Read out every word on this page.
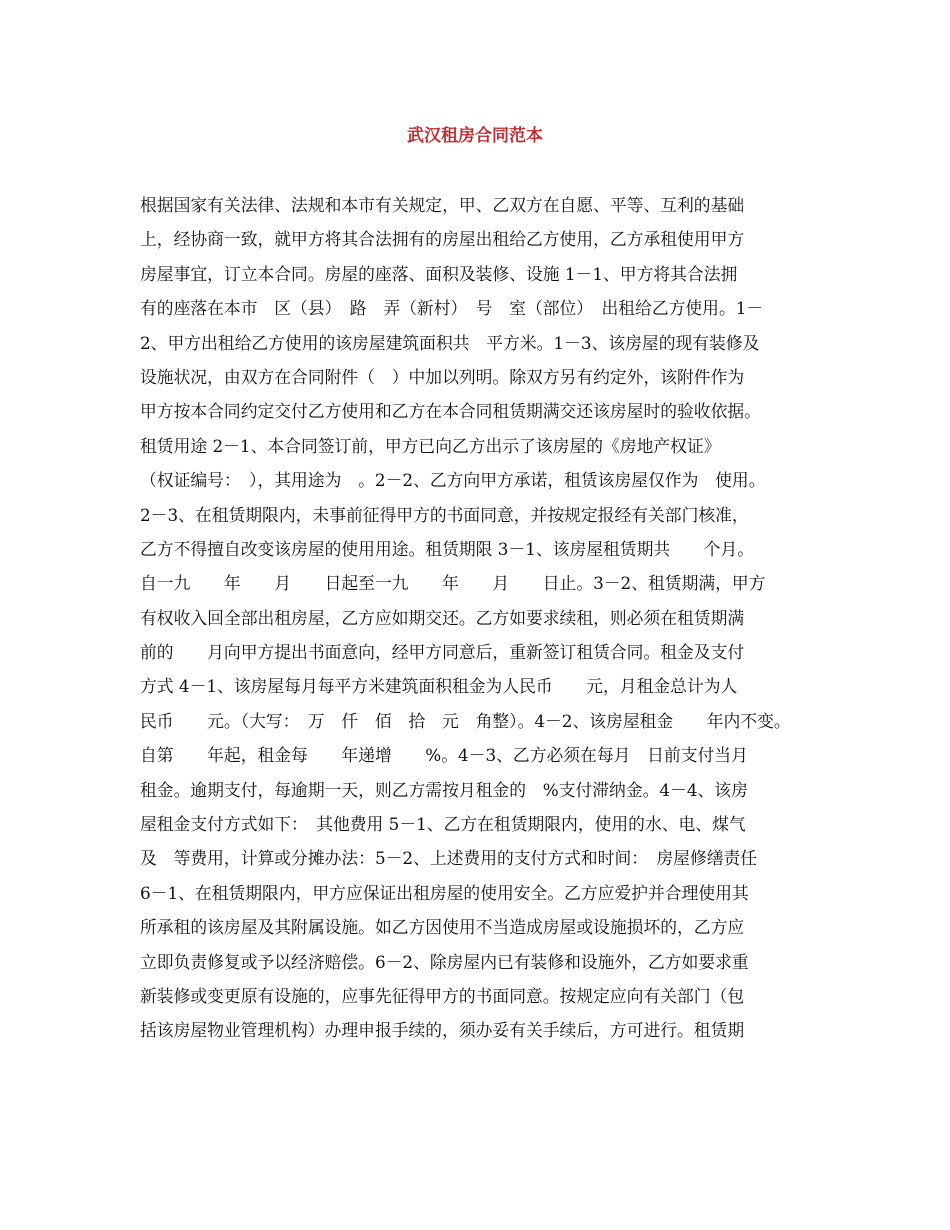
武汉租房合同范本

根据国家有关法律、法规和本市有关规定，甲、乙双方在自愿、平等、互利的基础

上，经协商一致，就甲方将其合法拥有的房屋出租给乙方使用，乙方承租使用甲方

房屋事宜，订立本合同。房屋的座落、面积及装修、设施 1－1、甲方将其合法拥

有的座落在本市　区（县）　路　弄（新村）　号　室（部位）　出租给乙方使用。1－

2、甲方出租给乙方使用的该房屋建筑面积共　平方米。1－3、该房屋的现有装修及

设施状况，由双方在合同附件（　）中加以列明。除双方另有约定外，该附件作为

甲方按本合同约定交付乙方使用和乙方在本合同租赁期满交还该房屋时的验收依据。

租赁用途 2－1、本合同签订前，甲方已向乙方出示了该房屋的《房地产权证》

（权证编号：　），其用途为　。2－2、乙方向甲方承诺，租赁该房屋仅作为　使用。

2－3、在租赁期限内，未事前征得甲方的书面同意，并按规定报经有关部门核准，

乙方不得擅自改变该房屋的使用用途。租赁期限 3－1、该房屋租赁期共　　个月。

自一九　　年　　月　　日起至一九　　年　　月　　日止。3－2、租赁期满，甲方

有权收入回全部出租房屋，乙方应如期交还。乙方如要求续租，则必须在租赁期满

前的　　月向甲方提出书面意向，经甲方同意后，重新签订租赁合同。租金及支付

方式 4－1、该房屋每月每平方米建筑面积租金为人民币　　元，月租金总计为人

民币　　元。（大写：　万　仟　佰　拾　元　角整）。4－2、该房屋租金　　年内不变。

自第　　年起，租金每　　年递增　　%。4－3、乙方必须在每月　日前支付当月

租金。逾期支付，每逾期一天，则乙方需按月租金的　%支付滞纳金。4－4、该房

屋租金支付方式如下：　其他费用 5－1、乙方在租赁期限内，使用的水、电、煤气

及　等费用，计算或分摊办法：5－2、上述费用的支付方式和时间：　房屋修缮责任

6－1、在租赁期限内，甲方应保证出租房屋的使用安全。乙方应爱护并合理使用其

所承租的该房屋及其附属设施。如乙方因使用不当造成房屋或设施损坏的，乙方应

立即负责修复或予以经济赔偿。6－2、除房屋内已有装修和设施外，乙方如要求重

新装修或变更原有设施的，应事先征得甲方的书面同意。按规定应向有关部门（包

括该房屋物业管理机构）办理申报手续的，须办妥有关手续后，方可进行。租赁期
